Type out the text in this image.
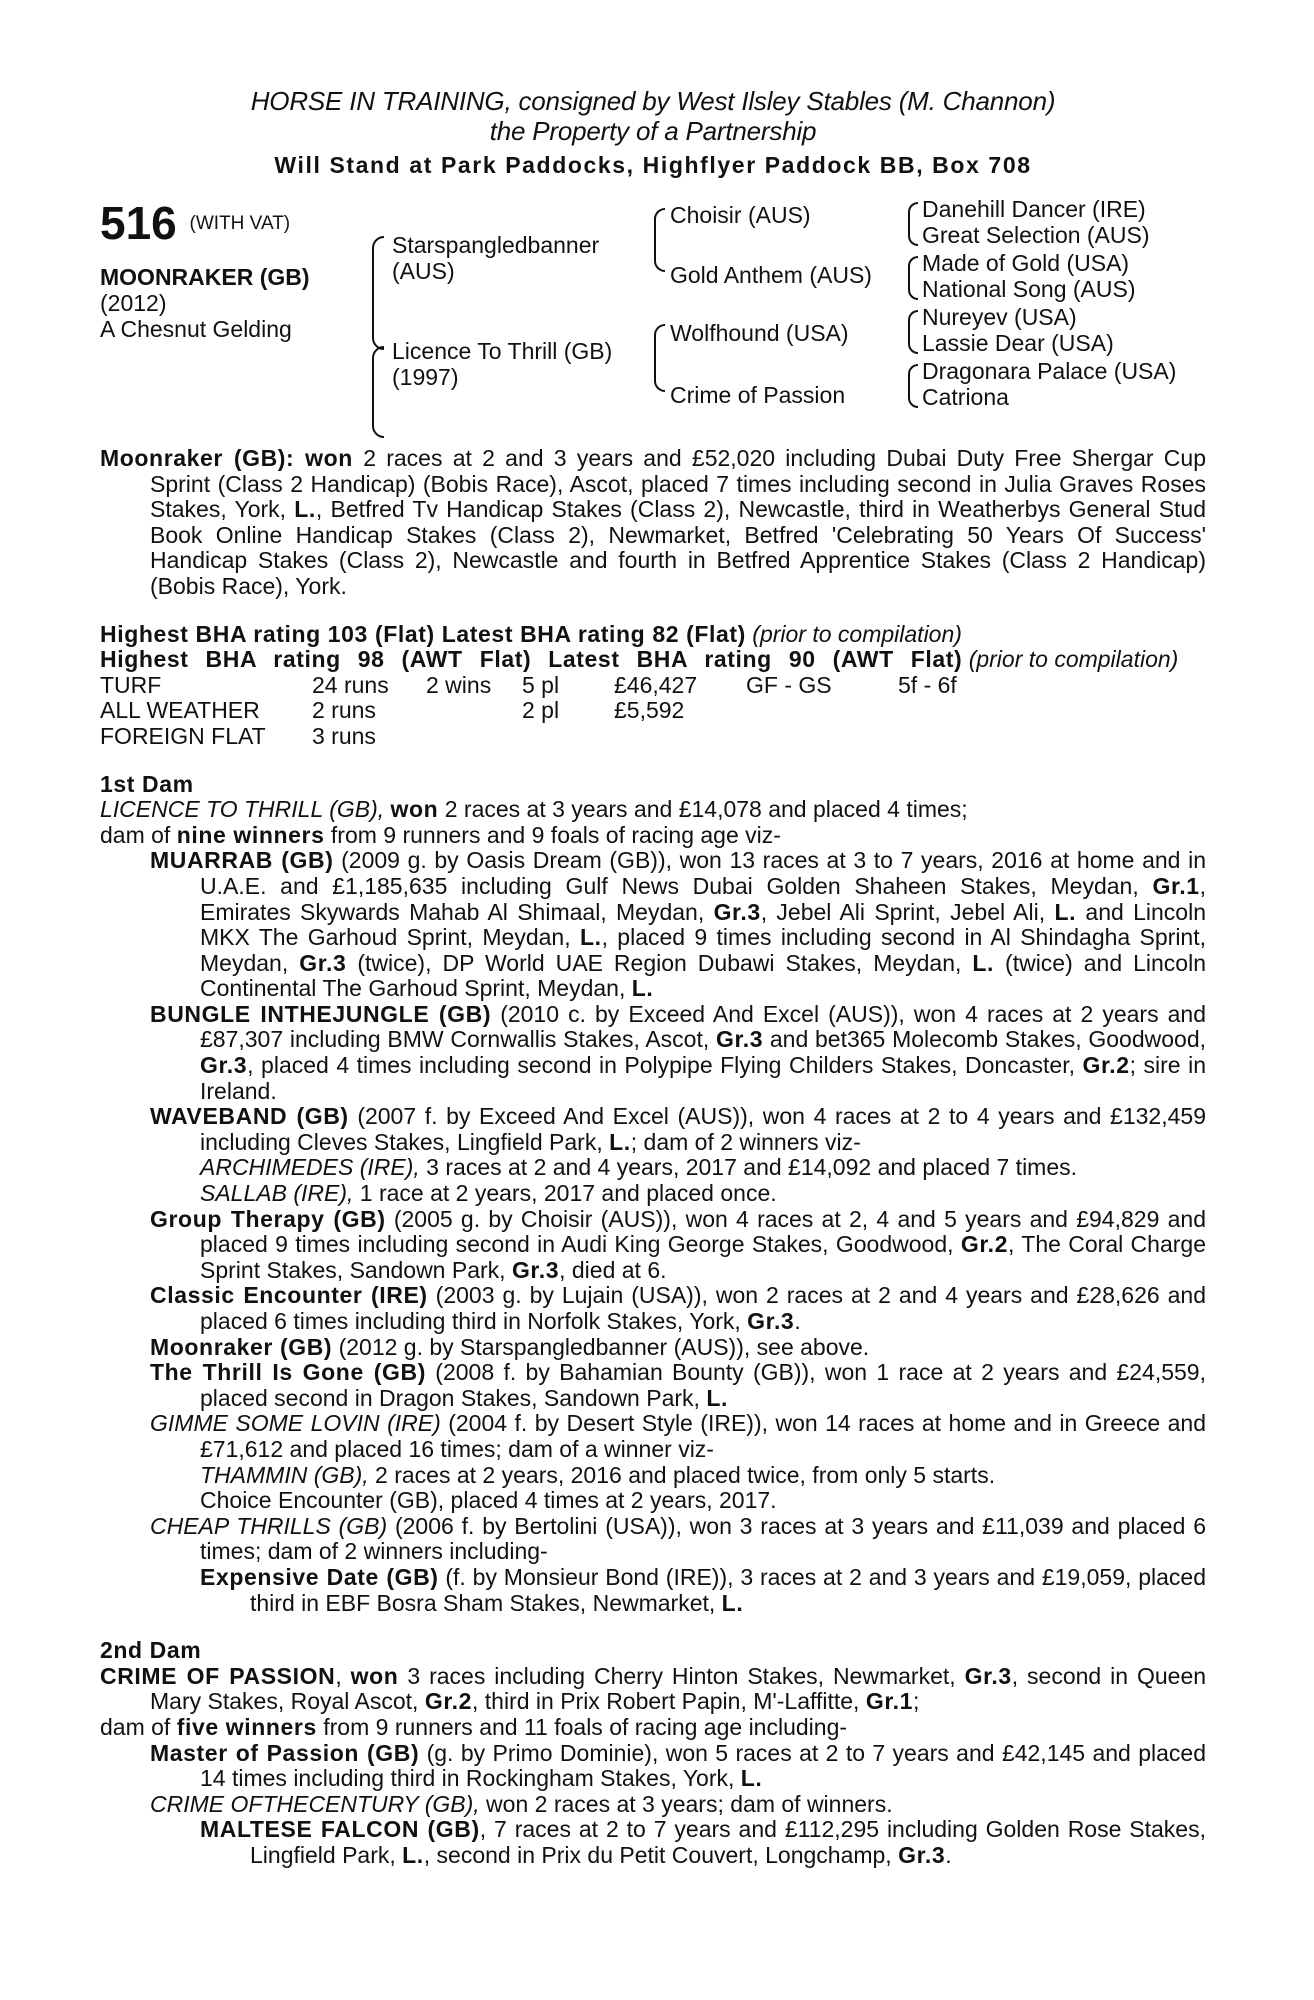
HORSE IN TRAINING, consigned by West Ilsley Stables (M. Channon)
the Property of a Partnership
Will Stand at Park Paddocks, Highflyer Paddock BB, Box 708
516 $^{(WITH VAT)}$
MOONRAKER (GB)
(2012)
A Chesnut Gelding
Starspangledbanner
(AUS)
Licence To Thrill (GB)
(1997)
Choisir (AUS)
Gold Anthem (AUS)
Wolfhound (USA)
Crime of Passion
Danehill Dancer (IRE)
Great Selection (AUS)
Made of Gold (USA)
National Song (AUS)
Nureyev (USA)
Lassie Dear (USA)
Dragonara Palace (USA)
Catriona
Moonraker (GB): won 2 races at 2 and 3 years and £52,020 including Dubai Duty Free Shergar Cup Sprint (Class 2 Handicap) (Bobis Race), Ascot, placed 7 times including second in Julia Graves Roses Stakes, York, L., Betfred Tv Handicap Stakes (Class 2), Newcastle, third in Weatherbys General Stud Book Online Handicap Stakes (Class 2), Newmarket, Betfred 'Celebrating 50 Years Of Success' Handicap Stakes (Class 2), Newcastle and fourth in Betfred Apprentice Stakes (Class 2 Handicap) (Bobis Race), York.
Highest BHA rating 103 (Flat) Latest BHA rating 82 (Flat) (prior to compilation)
Highest BHA rating 98 (AWT Flat) Latest BHA rating 90 (AWT Flat) (prior to compilation)
TURF	24 runs	2 wins	5 pl	£46,427	GF - GS	5f - 6f
ALL WEATHER	2 runs		2 pl	£5,592		
FOREIGN FLAT	3 runs					
1st Dam
LICENCE TO THRILL (GB), won 2 races at 3 years and £14,078 and placed 4 times;
dam of nine winners from 9 runners and 9 foals of racing age viz-
MUARRAB (GB) (2009 g. by Oasis Dream (GB)), won 13 races at 3 to 7 years, 2016 at home and in U.A.E. and £1,185,635 including Gulf News Dubai Golden Shaheen Stakes, Meydan, Gr.1, Emirates Skywards Mahab Al Shimaal, Meydan, Gr.3, Jebel Ali Sprint, Jebel Ali, L. and Lincoln MKX The Garhoud Sprint, Meydan, L., placed 9 times including second in Al Shindagha Sprint, Meydan, Gr.3 (twice), DP World UAE Region Dubawi Stakes, Meydan, L. (twice) and Lincoln Continental The Garhoud Sprint, Meydan, L.
BUNGLE INTHEJUNGLE (GB) (2010 c. by Exceed And Excel (AUS)), won 4 races at 2 years and £87,307 including BMW Cornwallis Stakes, Ascot, Gr.3 and bet365 Molecomb Stakes, Goodwood, Gr.3, placed 4 times including second in Polypipe Flying Childers Stakes, Doncaster, Gr.2; sire in Ireland.
WAVEBAND (GB) (2007 f. by Exceed And Excel (AUS)), won 4 races at 2 to 4 years and £132,459 including Cleves Stakes, Lingfield Park, L.; dam of 2 winners viz-
ARCHIMEDES (IRE), 3 races at 2 and 4 years, 2017 and £14,092 and placed 7 times.
SALLAB (IRE), 1 race at 2 years, 2017 and placed once.
Group Therapy (GB) (2005 g. by Choisir (AUS)), won 4 races at 2, 4 and 5 years and £94,829 and placed 9 times including second in Audi King George Stakes, Goodwood, Gr.2, The Coral Charge Sprint Stakes, Sandown Park, Gr.3, died at 6.
Classic Encounter (IRE) (2003 g. by Lujain (USA)), won 2 races at 2 and 4 years and £28,626 and placed 6 times including third in Norfolk Stakes, York, Gr.3.
Moonraker (GB) (2012 g. by Starspangledbanner (AUS)), see above.
The Thrill Is Gone (GB) (2008 f. by Bahamian Bounty (GB)), won 1 race at 2 years and £24,559, placed second in Dragon Stakes, Sandown Park, L.
GIMME SOME LOVIN (IRE) (2004 f. by Desert Style (IRE)), won 14 races at home and in Greece and £71,612 and placed 16 times; dam of a winner viz-
THAMMIN (GB), 2 races at 2 years, 2016 and placed twice, from only 5 starts.
Choice Encounter (GB), placed 4 times at 2 years, 2017.
CHEAP THRILLS (GB) (2006 f. by Bertolini (USA)), won 3 races at 3 years and £11,039 and placed 6 times; dam of 2 winners including-
Expensive Date (GB) (f. by Monsieur Bond (IRE)), 3 races at 2 and 3 years and £19,059, placed third in EBF Bosra Sham Stakes, Newmarket, L.
2nd Dam
CRIME OF PASSION, won 3 races including Cherry Hinton Stakes, Newmarket, Gr.3, second in Queen Mary Stakes, Royal Ascot, Gr.2, third in Prix Robert Papin, M'-Laffitte, Gr.1;
dam of five winners from 9 runners and 11 foals of racing age including-
Master of Passion (GB) (g. by Primo Dominie), won 5 races at 2 to 7 years and £42,145 and placed 14 times including third in Rockingham Stakes, York, L.
CRIME OFTHECENTURY (GB), won 2 races at 3 years; dam of winners.
MALTESE FALCON (GB), 7 races at 2 to 7 years and £112,295 including Golden Rose Stakes, Lingfield Park, L., second in Prix du Petit Couvert, Longchamp, Gr.3.
